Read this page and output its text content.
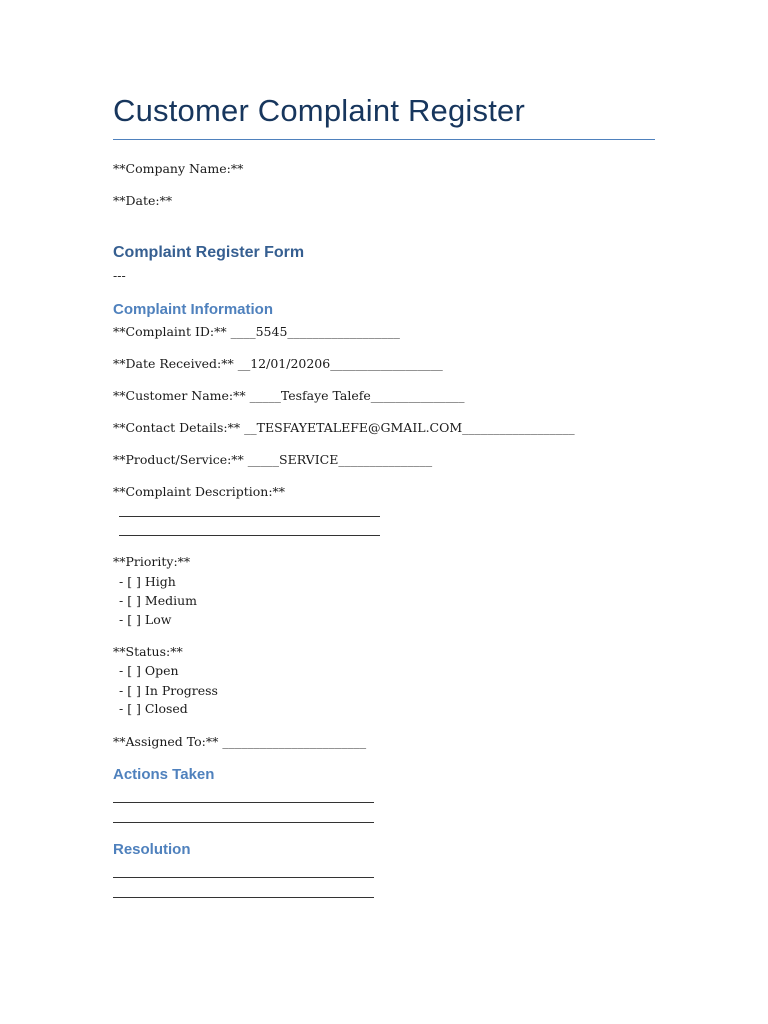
Customer Complaint Register
**Company Name:**
**Date:**
Complaint Register Form
---
Complaint Information
**Complaint ID:** ____5545__________________
**Date Received:** __12/01/20206__________________
**Customer Name:** _____Tesfaye Talefe_______________
**Contact Details:** __TESFAYETALEFE@GMAIL.COM__________________
**Product/Service:** _____SERVICE_______________
**Complaint Description:**
**Priority:**
- [ ] High
- [ ] Medium
- [ ] Low
**Status:**
- [ ] Open
- [ ] In Progress
- [ ] Closed
**Assigned To:** _______________________
Actions Taken
Resolution
